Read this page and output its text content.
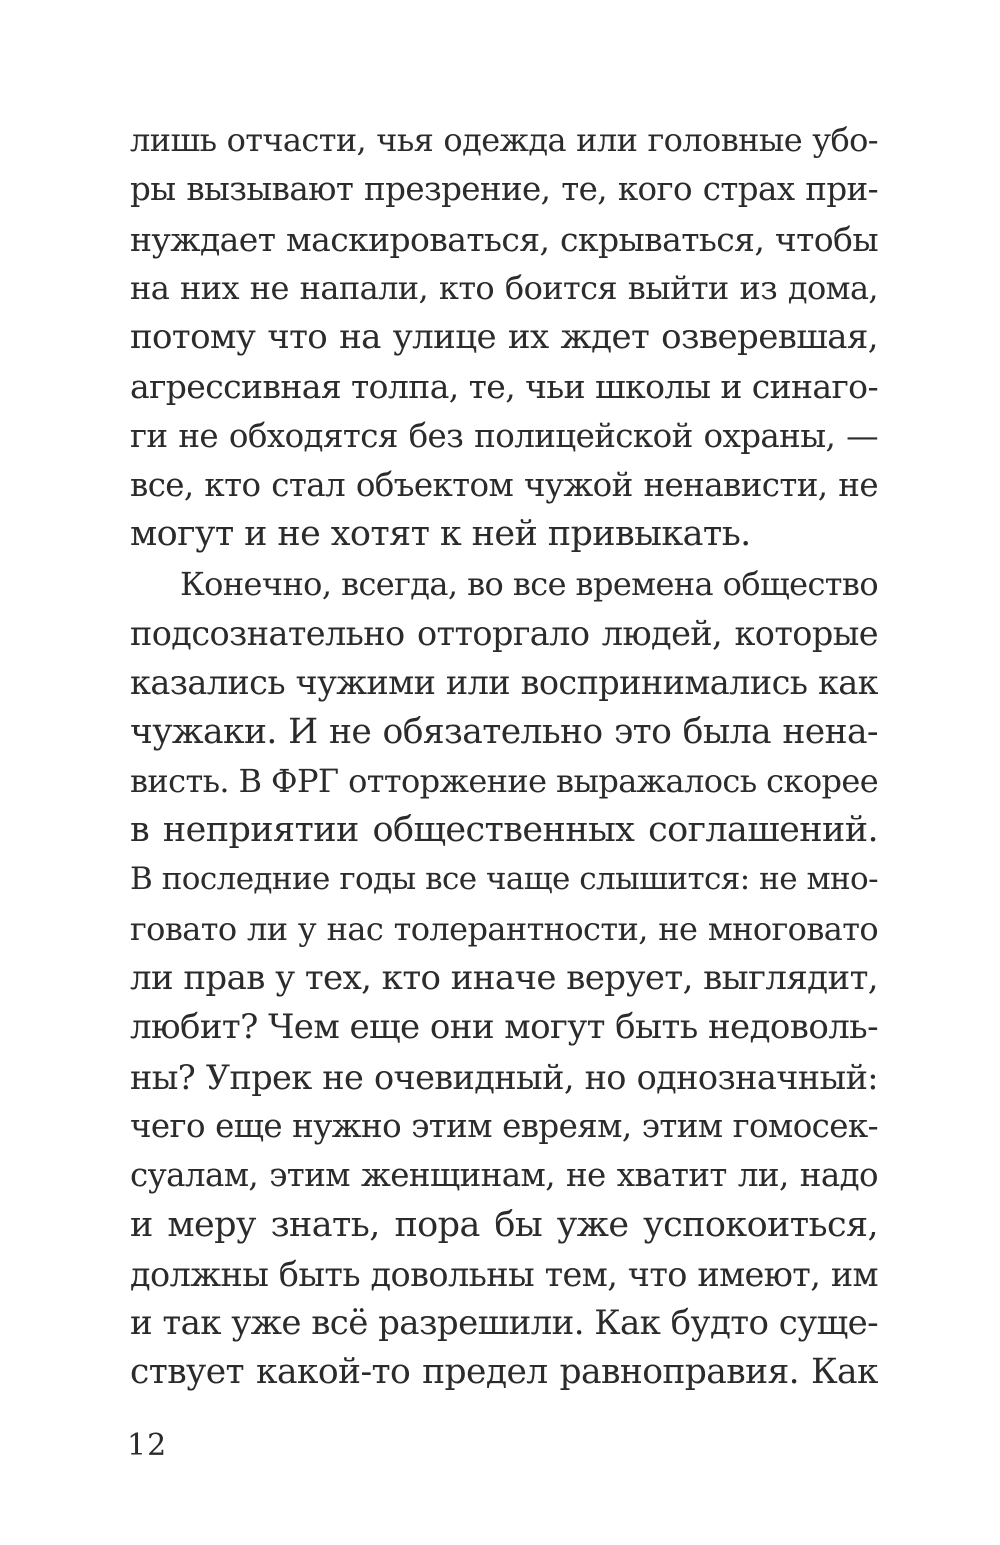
лишь отчасти, чья одежда или головные убо-
ры вызывают презрение, те, кого страх при-
нуждает маскироваться, скрываться, чтобы
на них не напали, кто боится выйти из дома,
потому что на улице их ждет озверевшая,
агрессивная толпа, те, чьи школы и синаго-
ги не обходятся без полицейской охраны, —
все, кто стал объектом чужой ненависти, не
могут и не хотят к ней привыкать.
Конечно, всегда, во все времена общество
подсознательно отторгало людей, которые
казались чужими или воспринимались как
чужаки. И не обязательно это была нена-
висть. В ФРГ отторжение выражалось скорее
в неприятии общественных соглашений.
В последние годы все чаще слышится: не мно-
говато ли у нас толерантности, не многовато
ли прав у тех, кто иначе верует, выглядит,
любит? Чем еще они могут быть недоволь-
ны? Упрек не очевидный, но однозначный:
чего еще нужно этим евреям, этим гомосек-
суалам, этим женщинам, не хватит ли, надо
и меру знать, пора бы уже успокоиться,
должны быть довольны тем, что имеют, им
и так уже всё разрешили. Как будто суще-
ствует какой-то предел равноправия. Как
12
